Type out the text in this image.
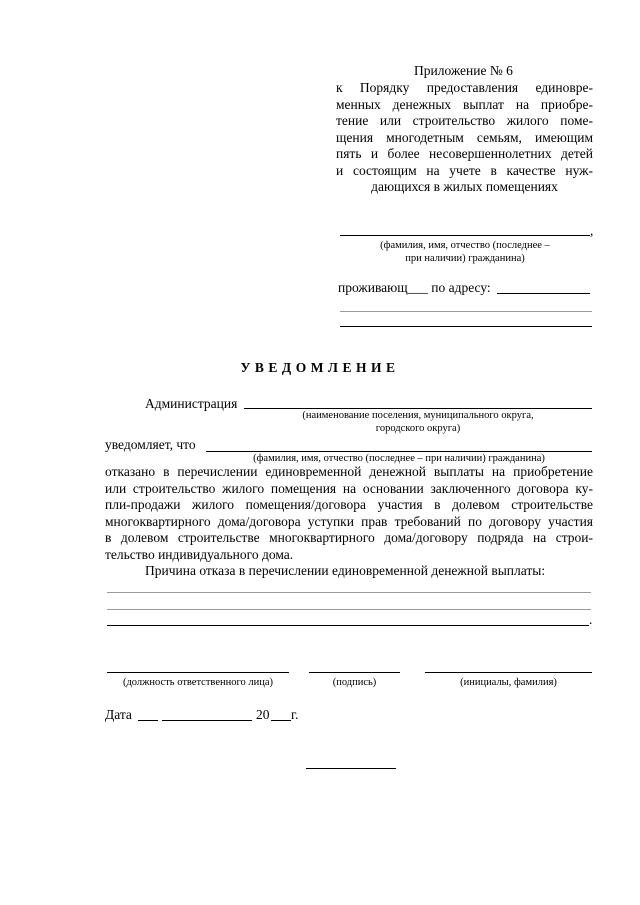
Приложение № 6
к Порядку предоставления единовре-
менных денежных выплат на приобре-
тение или строительство жилого поме-
щения многодетным семьям, имеющим
пять и более несовершеннолетних детей
и состоящим на учете в качестве нуж-
дающихся в жилых помещениях
,
(фамилия, имя, отчество (последнее –
при наличии) гражданина)
проживающ___ по адресу:
УВЕДОМЛЕНИЕ
Администрация
(наименование поселения, муниципального округа,
городского округа)
уведомляет, что
(фамилия, имя, отчество (последнее – при наличии) гражданина)
отказано в перечислении единовременной денежной выплаты на приобретение
или строительство жилого помещения на основании заключенного договора ку-
пли-продажи жилого помещения/договора участия в долевом строительстве
многоквартирного дома/договора уступки прав требований по договору участия
в долевом строительстве многоквартирного дома/договору подряда на строи-
тельство индивидуального дома.
Причина отказа в перечислении единовременной денежной выплаты:
.
(должность ответственного лица)	(подпись)	(инициалы, фамилия)
Дата	20 г.
